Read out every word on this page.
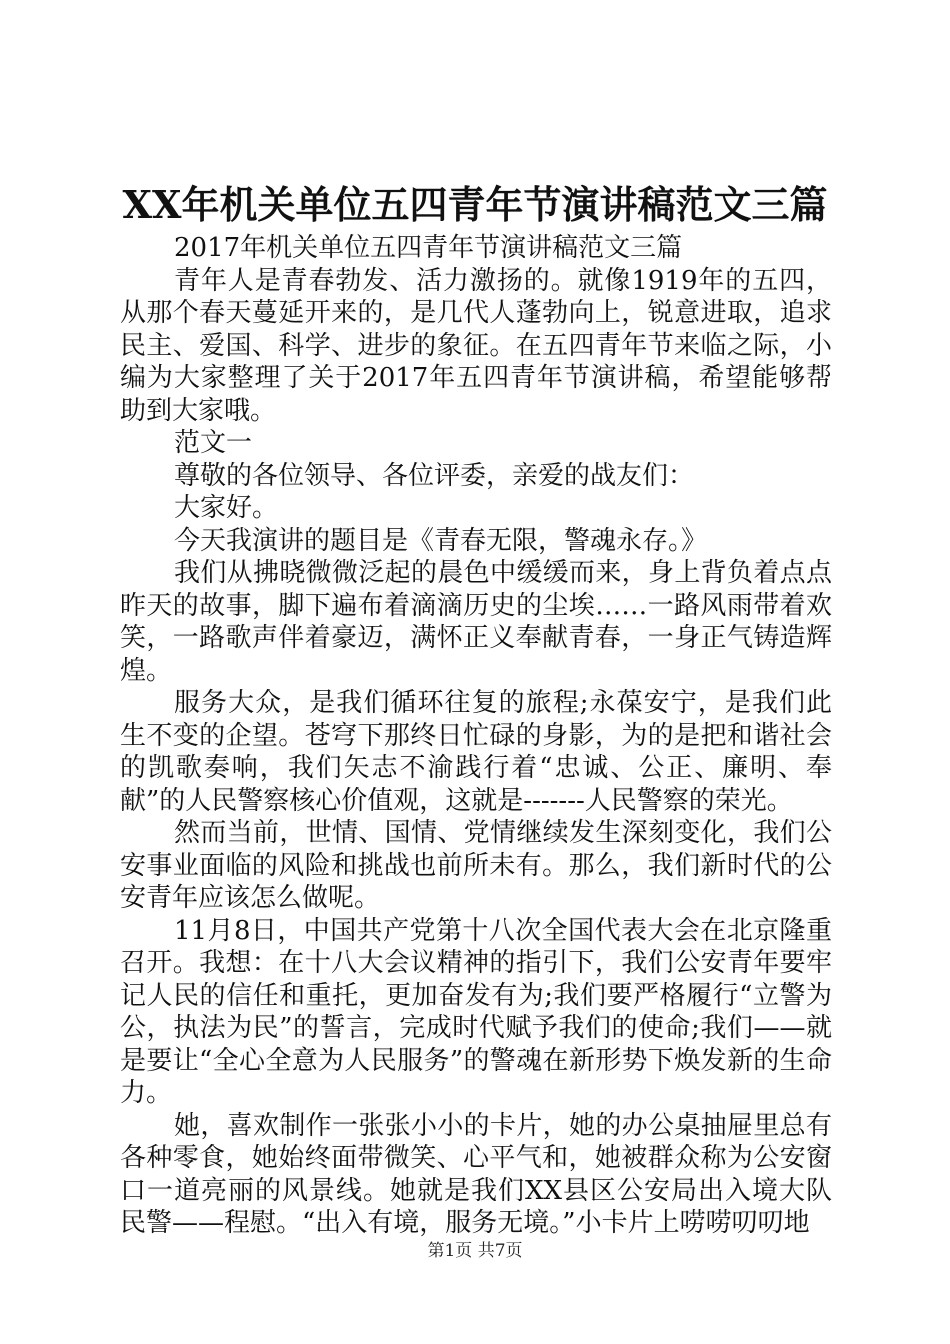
XX年机关单位五四青年节演讲稿范文三篇

2017年机关单位五四青年节演讲稿范文三篇

青年人是青春勃发、活力激扬的。就像1919年的五四，从那个春天蔓延开来的，是几代人蓬勃向上，锐意进取，追求民主、爱国、科学、进步的象征。在五四青年节来临之际，小编为大家整理了关于2017年五四青年节演讲稿，希望能够帮助到大家哦。

范文一

尊敬的各位领导、各位评委，亲爱的战友们：

大家好。

今天我演讲的题目是《青春无限，警魂永存。》

我们从拂晓微微泛起的晨色中缓缓而来，身上背负着点点昨天的故事，脚下遍布着滴滴历史的尘埃……一路风雨带着欢笑，一路歌声伴着豪迈，满怀正义奉献青春，一身正气铸造辉煌。

服务大众，是我们循环往复的旅程;永葆安宁，是我们此生不变的企望。苍穹下那终日忙碌的身影，为的是把和谐社会的凯歌奏响，我们矢志不渝践行着“忠诚、公正、廉明、奉献”的人民警察核心价值观，这就是-------人民警察的荣光。

然而当前，世情、国情、党情继续发生深刻变化，我们公安事业面临的风险和挑战也前所未有。那么，我们新时代的公安青年应该怎么做呢。

11月8日，中国共产党第十八次全国代表大会在北京隆重召开。我想：在十八大会议精神的指引下，我们公安青年要牢记人民的信任和重托，更加奋发有为;我们要严格履行“立警为公，执法为民”的誓言，完成时代赋予我们的使命;我们——就是要让“全心全意为人民服务”的警魂在新形势下焕发新的生命力。

她，喜欢制作一张张小小的卡片，她的办公桌抽屉里总有各种零食，她始终面带微笑、心平气和，她被群众称为公安窗口一道亮丽的风景线。她就是我们XX县区公安局出入境大队民警——程慰。“出入有境，服务无境。”小卡片上唠唠叨叨地

第1页 共7页
